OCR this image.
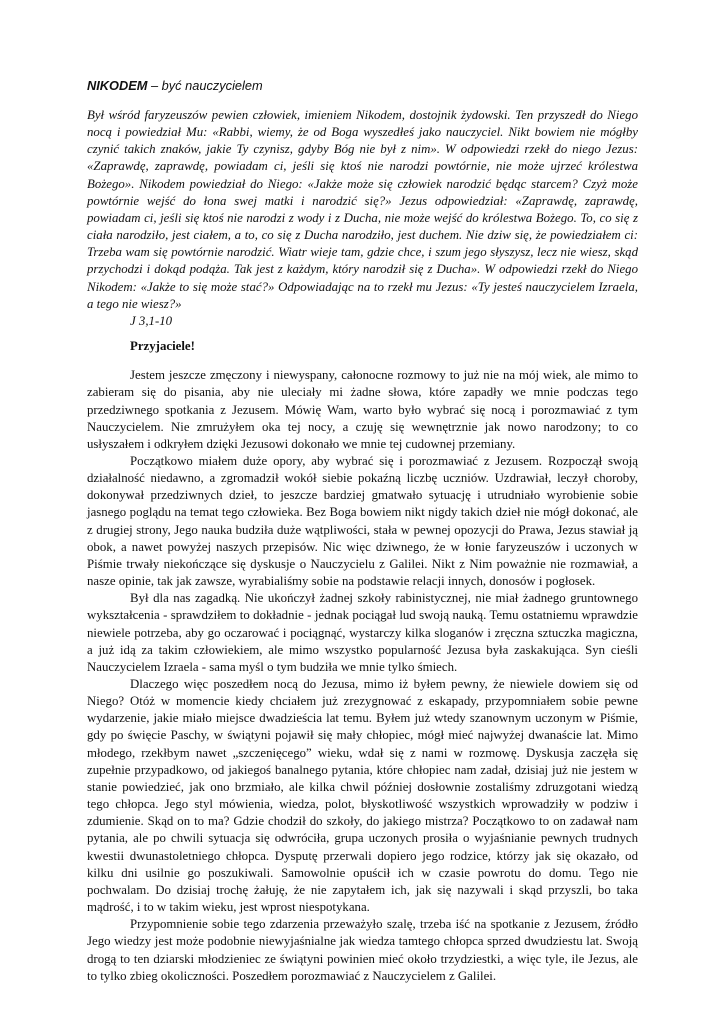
NIKODEM – być nauczycielem

Był wśród faryzeuszów pewien człowiek, imieniem Nikodem, dostojnik żydowski. Ten przyszedł do Niego nocą i powiedział Mu: «Rabbi, wiemy, że od Boga wyszedłeś jako nauczyciel. Nikt bowiem nie mógłby czynić takich znaków, jakie Ty czynisz, gdyby Bóg nie był z nim». W odpowiedzi rzekł do niego Jezus: «Zaprawdę, zaprawdę, powiadam ci, jeśli się ktoś nie narodzi powtórnie, nie może ujrzeć królestwa Bożego». Nikodem powiedział do Niego: «Jakże może się człowiek narodzić będąc starcem? Czyż może powtórnie wejść do łona swej matki i narodzić się?» Jezus odpowiedział: «Zaprawdę, zaprawdę, powiadam ci, jeśli się ktoś nie narodzi z wody i z Ducha, nie może wejść do królestwa Bożego. To, co się z ciała narodziło, jest ciałem, a to, co się z Ducha narodziło, jest duchem. Nie dziw się, że powiedziałem ci: Trzeba wam się powtórnie narodzić. Wiatr wieje tam, gdzie chce, i szum jego słyszysz, lecz nie wiesz, skąd przychodzi i dokąd podąża. Tak jest z każdym, który narodził się z Ducha». W odpowiedzi rzekł do Niego Nikodem: «Jakże to się może stać?» Odpowiadając na to rzekł mu Jezus: «Ty jesteś nauczycielem Izraela, a tego nie wiesz?»

J 3,1-10

Przyjaciele!

Jestem jeszcze zmęczony i niewyspany, całonocne rozmowy to już nie na mój wiek, ale mimo to zabieram się do pisania, aby nie uleciały mi żadne słowa, które zapadły we mnie podczas tego przedziwnego spotkania z Jezusem. Mówię Wam, warto było wybrać się nocą i porozmawiać z tym Nauczycielem. Nie zmrużyłem oka tej nocy, a czuję się wewnętrznie jak nowo narodzony; to co usłyszałem i odkryłem dzięki Jezusowi dokonało we mnie tej cudownej przemiany.

Początkowo miałem duże opory, aby wybrać się i porozmawiać z Jezusem. Rozpoczął swoją działalność niedawno, a zgromadził wokół siebie pokaźną liczbę uczniów. Uzdrawiał, leczył choroby, dokonywał przedziwnych dzieł, to jeszcze bardziej gmatwało sytuację i utrudniało wyrobienie sobie jasnego poglądu na temat tego człowieka. Bez Boga bowiem nikt nigdy takich dzieł nie mógł dokonać, ale z drugiej strony, Jego nauka budziła duże wątpliwości, stała w pewnej opozycji do Prawa, Jezus stawiał ją obok, a nawet powyżej naszych przepisów. Nic więc dziwnego, że w łonie faryzeuszów i uczonych w Piśmie trwały niekończące się dyskusje o Nauczycielu z Galilei. Nikt z Nim poważnie nie rozmawiał, a nasze opinie, tak jak zawsze, wyrabialiśmy sobie na podstawie relacji innych, donosów i pogłosek.

Był dla nas zagadką. Nie ukończył żadnej szkoły rabinistycznej, nie miał żadnego gruntownego wykształcenia - sprawdziłem to dokładnie - jednak pociągał lud swoją nauką. Temu ostatniemu wprawdzie niewiele potrzeba, aby go oczarować i pociągnąć, wystarczy kilka sloganów i zręczna sztuczka magiczna, a już idą za takim człowiekiem, ale mimo wszystko popularność Jezusa była zaskakująca. Syn cieśli Nauczycielem Izraela - sama myśl o tym budziła we mnie tylko śmiech.

Dlaczego więc poszedłem nocą do Jezusa, mimo iż byłem pewny, że niewiele dowiem się od Niego? Otóż w momencie kiedy chciałem już zrezygnować z eskapady, przypomniałem sobie pewne wydarzenie, jakie miało miejsce dwadzieścia lat temu. Byłem już wtedy szanownym uczonym w Piśmie, gdy po święcie Paschy, w świątyni pojawił się mały chłopiec, mógł mieć najwyżej dwanaście lat. Mimo młodego, rzekłbym nawet „szczenięcego” wieku, wdał się z nami w rozmowę. Dyskusja zaczęła się zupełnie przypadkowo, od jakiegoś banalnego pytania, które chłopiec nam zadał, dzisiaj już nie jestem w stanie powiedzieć, jak ono brzmiało, ale kilka chwil później dosłownie zostaliśmy zdruzgotani wiedzą tego chłopca. Jego styl mówienia, wiedza, polot, błyskotliwość wszystkich wprowadziły w podziw i zdumienie. Skąd on to ma? Gdzie chodził do szkoły, do jakiego mistrza? Początkowo to on zadawał nam pytania, ale po chwili sytuacja się odwróciła, grupa uczonych prosiła o wyjaśnianie pewnych trudnych kwestii dwunastoletniego chłopca. Dysputę przerwali dopiero jego rodzice, którzy jak się okazało, od kilku dni usilnie go poszukiwali. Samowolnie opuścił ich w czasie powrotu do domu. Tego nie pochwalam. Do dzisiaj trochę żałuję, że nie zapytałem ich, jak się nazywali i skąd przyszli, bo taka mądrość, i to w takim wieku, jest wprost niespotykana.

Przypomnienie sobie tego zdarzenia przeważyło szalę, trzeba iść na spotkanie z Jezusem, źródło Jego wiedzy jest może podobnie niewyjaśnialne jak wiedza tamtego chłopca sprzed dwudziestu lat. Swoją drogą to ten dziarski młodzieniec ze świątyni powinien mieć około trzydziestki, a więc tyle, ile Jezus, ale to tylko zbieg okoliczności. Poszedłem porozmawiać z Nauczycielem z Galilei.
